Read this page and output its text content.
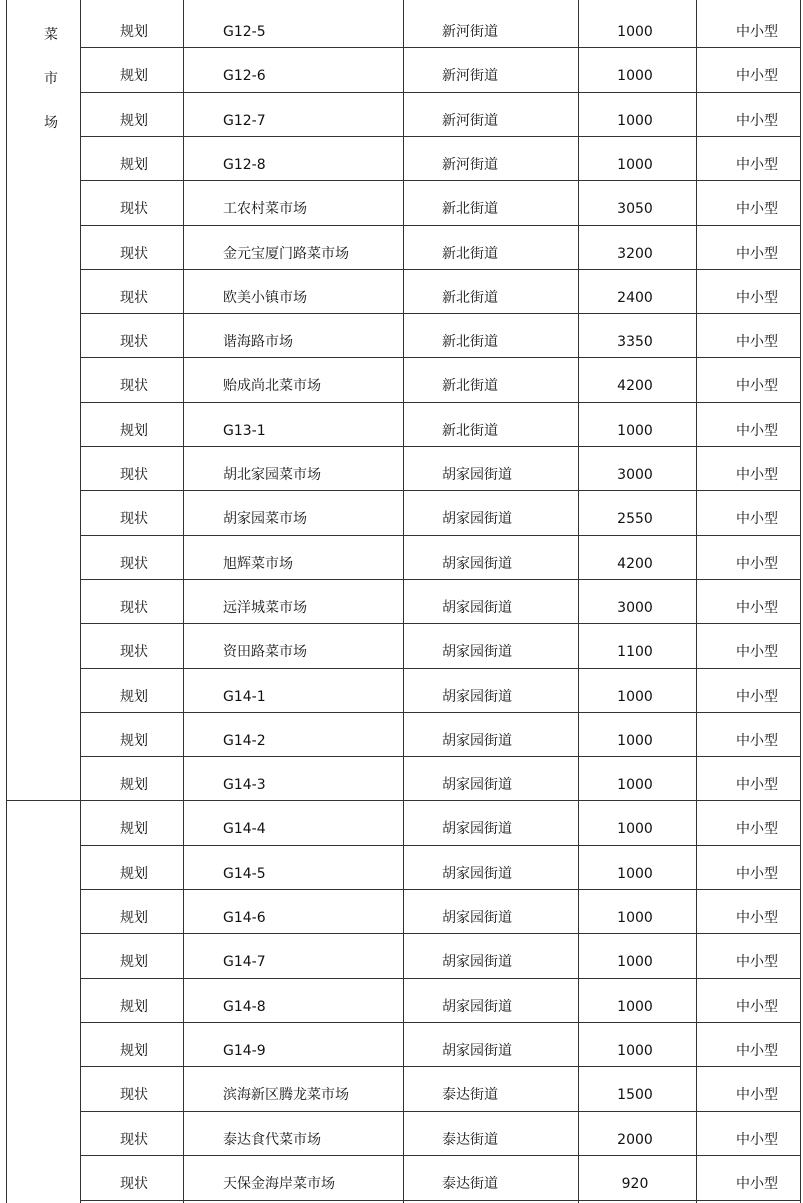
菜
市
场
规划	G12-5	新河街道	1000	中小型
规划	G12-6	新河街道	1000	中小型
规划	G12-7	新河街道	1000	中小型
规划	G12-8	新河街道	1000	中小型
现状	工农村菜市场	新北街道	3050	中小型
现状	金元宝厦门路菜市场	新北街道	3200	中小型
现状	欧美小镇市场	新北街道	2400	中小型
现状	谐海路市场	新北街道	3350	中小型
现状	贻成尚北菜市场	新北街道	4200	中小型
规划	G13-1	新北街道	1000	中小型
现状	胡北家园菜市场	胡家园街道	3000	中小型
现状	胡家园菜市场	胡家园街道	2550	中小型
现状	旭辉菜市场	胡家园街道	4200	中小型
现状	远洋城菜市场	胡家园街道	3000	中小型
现状	资田路菜市场	胡家园街道	1100	中小型
规划	G14-1	胡家园街道	1000	中小型
规划	G14-2	胡家园街道	1000	中小型
规划	G14-3	胡家园街道	1000	中小型
规划	G14-4	胡家园街道	1000	中小型
规划	G14-5	胡家园街道	1000	中小型
规划	G14-6	胡家园街道	1000	中小型
规划	G14-7	胡家园街道	1000	中小型
规划	G14-8	胡家园街道	1000	中小型
规划	G14-9	胡家园街道	1000	中小型
现状	滨海新区腾龙菜市场	泰达街道	1500	中小型
现状	泰达食代菜市场	泰达街道	2000	中小型
现状	天保金海岸菜市场	泰达街道	920	中小型
